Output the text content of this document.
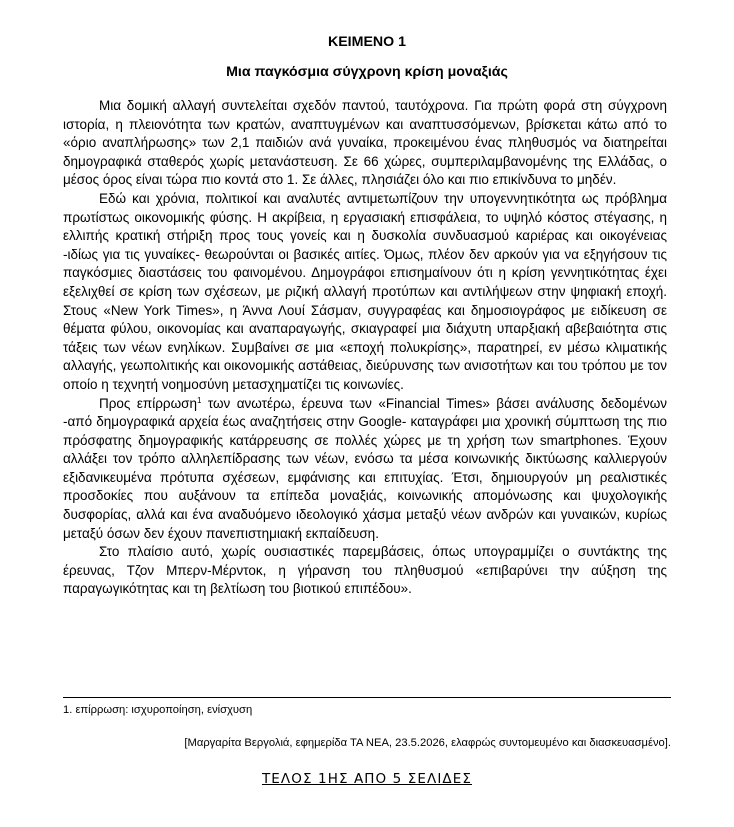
ΚΕΙΜΕΝΟ 1
Μια παγκόσμια σύγχρονη κρίση μοναξιάς

Μια δομική αλλαγή συντελείται σχεδόν παντού, ταυτόχρονα. Για πρώτη φορά στη σύγχρονη ιστορία, η πλειονότητα των κρατών, αναπτυγμένων και αναπτυσσόμενων, βρίσκεται κάτω από το «όριο αναπλήρωσης» των 2,1 παιδιών ανά γυναίκα, προκειμένου ένας πληθυσμός να διατηρείται δημογραφικά σταθερός χωρίς μετανάστευση. Σε 66 χώρες, συμπεριλαμβανομένης της Ελλάδας, ο μέσος όρος είναι τώρα πιο κοντά στο 1. Σε άλλες, πλησιάζει όλο και πιο επικίνδυνα το μηδέν.

Εδώ και χρόνια, πολιτικοί και αναλυτές αντιμετωπίζουν την υπογεννητικότητα ως πρόβλημα πρωτίστως οικονομικής φύσης. Η ακρίβεια, η εργασιακή επισφάλεια, το υψηλό κόστος στέγασης, η ελλιπής κρατική στήριξη προς τους γονείς και η δυσκολία συνδυασμού καριέρας και οικογένειας -ιδίως για τις γυναίκες- θεωρούνται οι βασικές αιτίες. Όμως, πλέον δεν αρκούν για να εξηγήσουν τις παγκόσμιες διαστάσεις του φαινομένου. Δημογράφοι επισημαίνουν ότι η κρίση γεννητικότητας έχει εξελιχθεί σε κρίση των σχέσεων, με ριζική αλλαγή προτύπων και αντιλήψεων στην ψηφιακή εποχή. Στους «New York Times», η Άννα Λουί Σάσμαν, συγγραφέας και δημοσιογράφος με ειδίκευση σε θέματα φύλου, οικονομίας και αναπαραγωγής, σκιαγραφεί μια διάχυτη υπαρξιακή αβεβαιότητα στις τάξεις των νέων ενηλίκων. Συμβαίνει σε μια «εποχή πολυκρίσης», παρατηρεί, εν μέσω κλιματικής αλλαγής, γεωπολιτικής και οικονομικής αστάθειας, διεύρυνσης των ανισοτήτων και του τρόπου με τον οποίο η τεχνητή νοημοσύνη μετασχηματίζει τις κοινωνίες.

Προς επίρρωση$^1$ των ανωτέρω, έρευνα των «Financial Times» βάσει ανάλυσης δεδομένων -από δημογραφικά αρχεία έως αναζητήσεις στην Google- καταγράφει μια χρονική σύμπτωση της πιο πρόσφατης δημογραφικής κατάρρευσης σε πολλές χώρες με τη χρήση των smartphones. Έχουν αλλάξει τον τρόπο αλληλεπίδρασης των νέων, ενόσω τα μέσα κοινωνικής δικτύωσης καλλιεργούν εξιδανικευμένα πρότυπα σχέσεων, εμφάνισης και επιτυχίας. Έτσι, δημιουργούν μη ρεαλιστικές προσδοκίες που αυξάνουν τα επίπεδα μοναξιάς, κοινωνικής απομόνωσης και ψυχολογικής δυσφορίας, αλλά και ένα αναδυόμενο ιδεολογικό χάσμα μεταξύ νέων ανδρών και γυναικών, κυρίως μεταξύ όσων δεν έχουν πανεπιστημιακή εκπαίδευση.

Στο πλαίσιο αυτό, χωρίς ουσιαστικές παρεμβάσεις, όπως υπογραμμίζει ο συντάκτης της έρευνας, Τζον Μπερν-Μέρντοκ, η γήρανση του πληθυσμού «επιβαρύνει την αύξηση της παραγωγικότητας και τη βελτίωση του βιοτικού επιπέδου».

1. επίρρωση: ισχυροποίηση, ενίσχυση
[Μαργαρίτα Βεργολιά, εφημερίδα ΤΑ ΝΕΑ, 23.5.2026, ελαφρώς συντομευμένο και διασκευασμένο].
ΤΕΛΟΣ 1ΗΣ ΑΠΟ 5 ΣΕΛΙΔΕΣ
